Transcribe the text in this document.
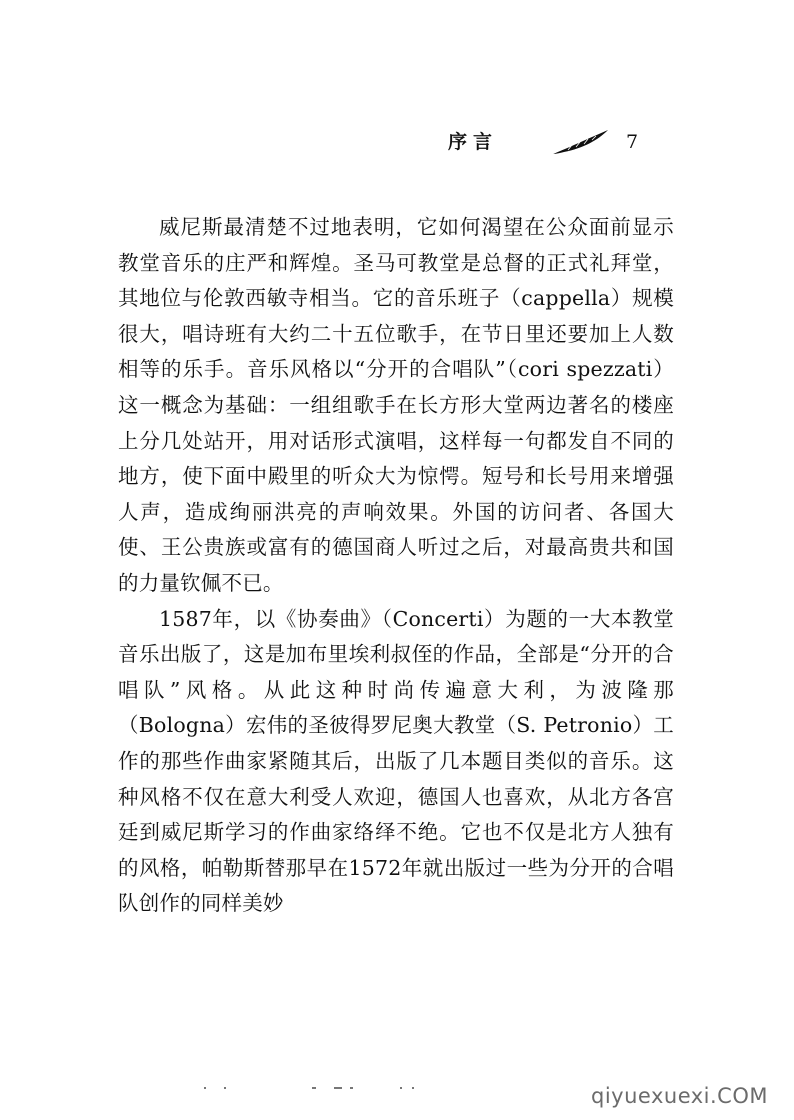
序言	7

威尼斯最清楚不过地表明，它如何渴望在公众面前显示教堂音乐的庄严和辉煌。圣马可教堂是总督的正式礼拜堂，其地位与伦敦西敏寺相当。它的音乐班子（cappella）规模很大，唱诗班有大约二十五位歌手，在节日里还要加上人数相等的乐手。音乐风格以“分开的合唱队”（cori spezzati）这一概念为基础：一组组歌手在长方形大堂两边著名的楼座上分几处站开，用对话形式演唱，这样每一句都发自不同的地方，使下面中殿里的听众大为惊愕。短号和长号用来增强人声，造成绚丽洪亮的声响效果。外国的访问者、各国大使、王公贵族或富有的德国商人听过之后，对最高贵共和国的力量钦佩不已。

1587年，以《协奏曲》（Concerti）为题的一大本教堂音乐出版了，这是加布里埃利叔侄的作品，全部是“分开的合唱队”风格。从此这种时尚传遍意大利，为波隆那（Bologna）宏伟的圣彼得罗尼奥大教堂（S. Petronio）工作的那些作曲家紧随其后，出版了几本题目类似的音乐。这种风格不仅在意大利受人欢迎，德国人也喜欢，从北方各宫廷到威尼斯学习的作曲家络绎不绝。它也不仅是北方人独有的风格，帕勒斯替那早在1572年就出版过一些为分开的合唱队创作的同样美妙

qiyuexuexi.COM
